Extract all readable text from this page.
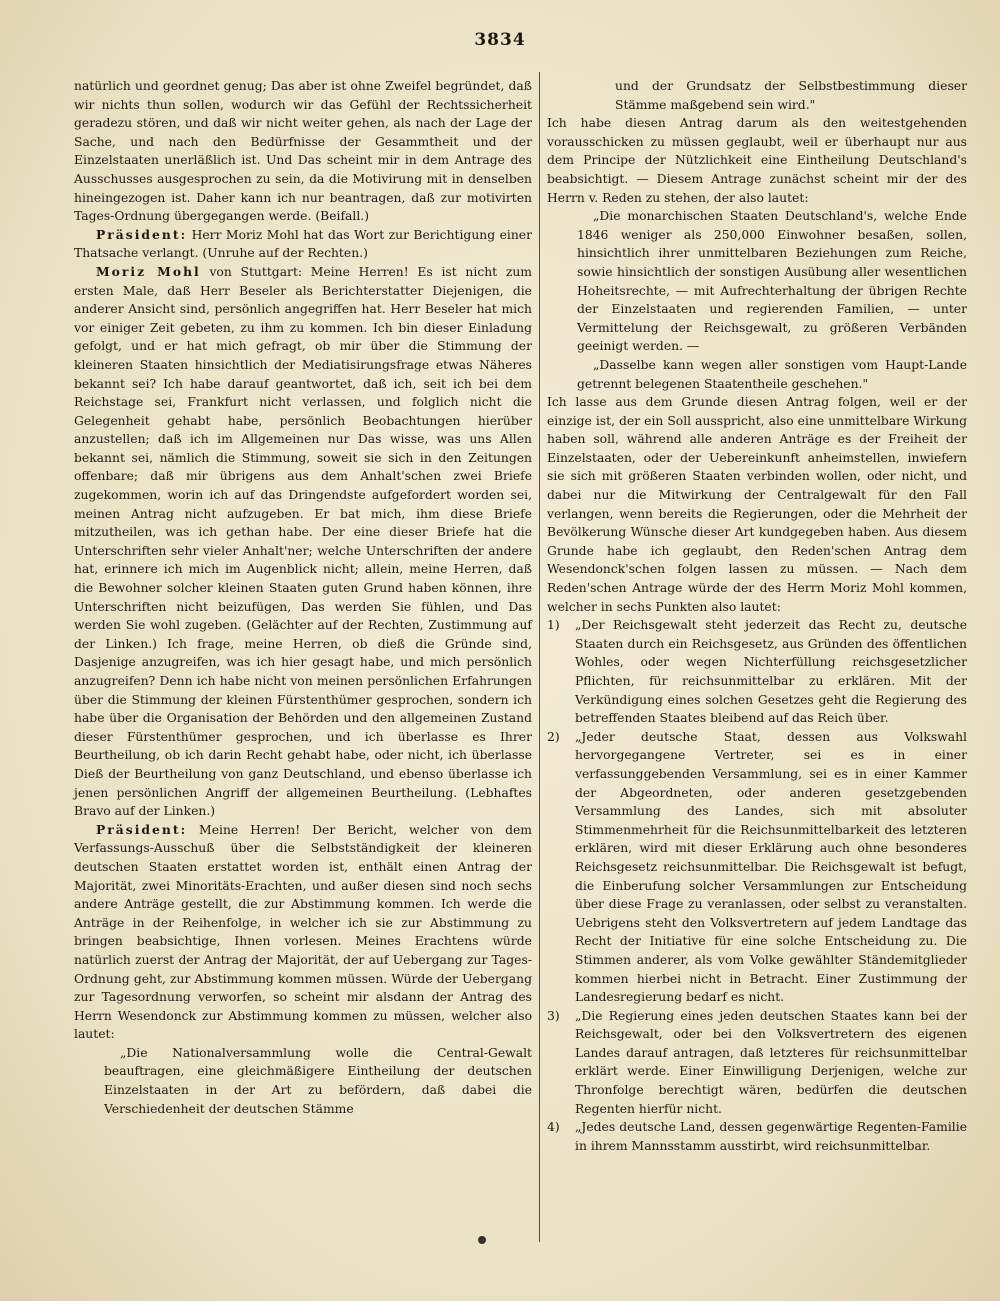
3834

natürlich und geordnet genug; Das aber ist ohne Zweifel begründet, daß wir nichts thun sollen, wodurch wir das Gefühl der Rechtssicherheit geradezu stören, und daß wir nicht weiter gehen, als nach der Lage der Sache, und nach den Bedürfnisse der Gesammtheit und der Einzelstaaten unerläßlich ist. Und Das scheint mir in dem Antrage des Ausschusses ausgesprochen zu sein, da die Motivirung mit in denselben hineingezogen ist. Daher kann ich nur beantragen, daß zur motivirten Tages-Ordnung übergegangen werde. (Beifall.)

Präsident: Herr Moriz Mohl hat das Wort zur Berichtigung einer Thatsache verlangt. (Unruhe auf der Rechten.)

Moriz Mohl von Stuttgart: Meine Herren! Es ist nicht zum ersten Male, daß Herr Beseler als Berichterstatter Diejenigen, die anderer Ansicht sind, persönlich angegriffen hat. Herr Beseler hat mich vor einiger Zeit gebeten, zu ihm zu kommen. Ich bin dieser Einladung gefolgt, und er hat mich gefragt, ob mir über die Stimmung der kleineren Staaten hinsichtlich der Mediatisirungsfrage etwas Näheres bekannt sei? Ich habe darauf geantwortet, daß ich, seit ich bei dem Reichstage sei, Frankfurt nicht verlassen, und folglich nicht die Gelegenheit gehabt habe, persönlich Beobachtungen hierüber anzustellen; daß ich im Allgemeinen nur Das wisse, was uns Allen bekannt sei, nämlich die Stimmung, soweit sie sich in den Zeitungen offenbare; daß mir übrigens aus dem Anhalt'schen zwei Briefe zugekommen, worin ich auf das Dringendste aufgefordert worden sei, meinen Antrag nicht aufzugeben. Er bat mich, ihm diese Briefe mitzutheilen, was ich gethan habe. Der eine dieser Briefe hat die Unterschriften sehr vieler Anhalt'ner; welche Unterschriften der andere hat, erinnere ich mich im Augenblick nicht; allein, meine Herren, daß die Bewohner solcher kleinen Staaten guten Grund haben können, ihre Unterschriften nicht beizufügen, Das werden Sie fühlen, und Das werden Sie wohl zugeben. (Gelächter auf der Rechten, Zustimmung auf der Linken.) Ich frage, meine Herren, ob dieß die Gründe sind, Dasjenige anzugreifen, was ich hier gesagt habe, und mich persönlich anzugreifen? Denn ich habe nicht von meinen persönlichen Erfahrungen über die Stimmung der kleinen Fürstenthümer gesprochen, sondern ich habe über die Organisation der Behörden und den allgemeinen Zustand dieser Fürstenthümer gesprochen, und ich überlasse es Ihrer Beurtheilung, ob ich darin Recht gehabt habe, oder nicht, ich überlasse Dieß der Beurtheilung von ganz Deutschland, und ebenso überlasse ich jenen persönlichen Angriff der allgemeinen Beurtheilung. (Lebhaftes Bravo auf der Linken.)

Präsident: Meine Herren! Der Bericht, welcher von dem Verfassungs-Ausschuß über die Selbstständigkeit der kleineren deutschen Staaten erstattet worden ist, enthält einen Antrag der Majorität, zwei Minoritäts-Erachten, und außer diesen sind noch sechs andere Anträge gestellt, die zur Abstimmung kommen. Ich werde die Anträge in der Reihenfolge, in welcher ich sie zur Abstimmung zu bringen beabsichtige, Ihnen vorlesen. Meines Erachtens würde natürlich zuerst der Antrag der Majorität, der auf Uebergang zur Tages-Ordnung geht, zur Abstimmung kommen müssen. Würde der Uebergang zur Tagesordnung verworfen, so scheint mir alsdann der Antrag des Herrn Wesendonck zur Abstimmung kommen zu müssen, welcher also lautet:

„Die Nationalversammlung wolle die Central-Gewalt beauftragen, eine gleichmäßigere Eintheilung der deutschen Einzelstaaten in der Art zu befördern, daß dabei die Verschiedenheit der deutschen Stämme

und der Grundsatz der Selbstbestimmung dieser Stämme maßgebend sein wird."

Ich habe diesen Antrag darum als den weitestgehenden vorausschicken zu müssen geglaubt, weil er überhaupt nur aus dem Principe der Nützlichkeit eine Eintheilung Deutschland's beabsichtigt. — Diesem Antrage zunächst scheint mir der des Herrn v. Reden zu stehen, der also lautet:

„Die monarchischen Staaten Deutschland's, welche Ende 1846 weniger als 250,000 Einwohner besaßen, sollen, hinsichtlich ihrer unmittelbaren Beziehungen zum Reiche, sowie hinsichtlich der sonstigen Ausübung aller wesentlichen Hoheitsrechte, — mit Aufrechterhaltung der übrigen Rechte der Einzelstaaten und regierenden Familien, — unter Vermittelung der Reichsgewalt, zu größeren Verbänden geeinigt werden. —

„Dasselbe kann wegen aller sonstigen vom Haupt-Lande getrennt belegenen Staatentheile geschehen."

Ich lasse aus dem Grunde diesen Antrag folgen, weil er der einzige ist, der ein Soll ausspricht, also eine unmittelbare Wirkung haben soll, während alle anderen Anträge es der Freiheit der Einzelstaaten, oder der Uebereinkunft anheimstellen, inwiefern sie sich mit größeren Staaten verbinden wollen, oder nicht, und dabei nur die Mitwirkung der Centralgewalt für den Fall verlangen, wenn bereits die Regierungen, oder die Mehrheit der Bevölkerung Wünsche dieser Art kundgegeben haben. Aus diesem Grunde habe ich geglaubt, den Reden'schen Antrag dem Wesendonck'schen folgen lassen zu müssen. — Nach dem Reden'schen Antrage würde der des Herrn Moriz Mohl kommen, welcher in sechs Punkten also lautet:

1)	„Der Reichsgewalt steht jederzeit das Recht zu, deutsche Staaten durch ein Reichsgesetz, aus Gründen des öffentlichen Wohles, oder wegen Nichterfüllung reichsgesetzlicher Pflichten, für reichsunmittelbar zu erklären. Mit der Verkündigung eines solchen Gesetzes geht die Regierung des betreffenden Staates bleibend auf das Reich über.

2)	„Jeder deutsche Staat, dessen aus Volkswahl hervorgegangene Vertreter, sei es in einer verfassunggebenden Versammlung, sei es in einer Kammer der Abgeordneten, oder anderen gesetzgebenden Versammlung des Landes, sich mit absoluter Stimmenmehrheit für die Reichsunmittelbarkeit des letzteren erklären, wird mit dieser Erklärung auch ohne besonderes Reichsgesetz reichsunmittelbar. Die Reichsgewalt ist befugt, die Einberufung solcher Versammlungen zur Entscheidung über diese Frage zu veranlassen, oder selbst zu veranstalten. Uebrigens steht den Volksvertretern auf jedem Landtage das Recht der Initiative für eine solche Entscheidung zu. Die Stimmen anderer, als vom Volke gewählter Ständemitglieder kommen hierbei nicht in Betracht. Einer Zustimmung der Landesregierung bedarf es nicht.

3)	„Die Regierung eines jeden deutschen Staates kann bei der Reichsgewalt, oder bei den Volksvertretern des eigenen Landes darauf antragen, daß letzteres für reichsunmittelbar erklärt werde. Einer Einwilligung Derjenigen, welche zur Thronfolge berechtigt wären, bedürfen die deutschen Regenten hierfür nicht.

4)	„Jedes deutsche Land, dessen gegenwärtige Regenten-Familie in ihrem Mannsstamm ausstirbt, wird reichsunmittelbar.
